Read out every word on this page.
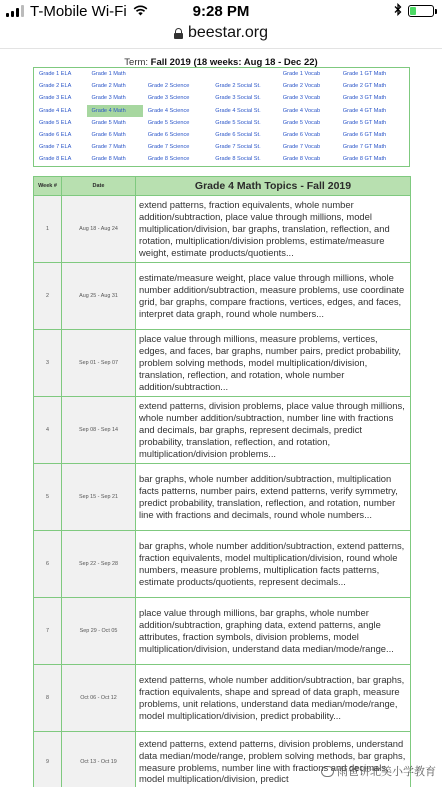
T-Mobile Wi-Fi	9:28 PM
beestar.org
Term: Fall 2019 (18 weeks: Aug 18 - Dec 22)
Grade 1 ELA	Grade 1 Math			Grade 1 Vocab	Grade 1 GT Math
Grade 2 ELA	Grade 2 Math	Grade 2 Science	Grade 2 Social St.	Grade 2 Vocab	Grade 2 GT Math
Grade 3 ELA	Grade 3 Math	Grade 3 Science	Grade 3 Social St.	Grade 3 Vocab	Grade 3 GT Math
Grade 4 ELA	Grade 4 Math	Grade 4 Science	Grade 4 Social St.	Grade 4 Vocab	Grade 4 GT Math
Grade 5 ELA	Grade 5 Math	Grade 5 Science	Grade 5 Social St.	Grade 5 Vocab	Grade 5 GT Math
Grade 6 ELA	Grade 6 Math	Grade 6 Science	Grade 6 Social St.	Grade 6 Vocab	Grade 6 GT Math
Grade 7 ELA	Grade 7 Math	Grade 7 Science	Grade 7 Social St.	Grade 7 Vocab	Grade 7 GT Math
Grade 8 ELA	Grade 8 Math	Grade 8 Science	Grade 8 Social St.	Grade 8 Vocab	Grade 8 GT Math
Week #	Date	Grade 4 Math Topics - Fall 2019
1	Aug 18 - Aug 24	extend patterns, fraction equivalents, whole number addition/subtraction, place value through millions, model multiplication/division, bar graphs, translation, reflection, and rotation, multiplication/division problems, estimate/measure weight, estimate products/quotients...

2	Aug 25 - Aug 31	estimate/measure weight, place value through millions, whole number addition/subtraction, measure problems, use coordinate grid, bar graphs, compare fractions, vertices, edges, and faces, interpret data graph, round whole numbers...

3	Sep 01 - Sep 07	place value through millions, measure problems, vertices, edges, and faces, bar graphs, number pairs, predict probability, problem solving methods, model multiplication/division, translation, reflection, and rotation, whole number addition/subtraction...

4	Sep 08 - Sep 14	extend patterns, division problems, place value through millions, whole number addition/subtraction, number line with fractions and decimals, bar graphs, represent decimals, predict probability, translation, reflection, and rotation, multiplication/division problems...

5	Sep 15 - Sep 21	bar graphs, whole number addition/subtraction, multiplication facts patterns, number pairs, extend patterns, verify symmetry, predict probability, translation, reflection, and rotation, number line with fractions and decimals, round whole numbers...

6	Sep 22 - Sep 28	bar graphs, whole number addition/subtraction, extend patterns, fraction equivalents, model multiplication/division, round whole numbers, measure problems, multiplication facts patterns, estimate products/quotients, represent decimals...

7	Sep 29 - Oct 05	place value through millions, bar graphs, whole number addition/subtraction, graphing data, extend patterns, angle attributes, fraction symbols, division problems, model multiplication/division, understand data median/mode/range...

8	Oct 06 - Oct 12	extend patterns, whole number addition/subtraction, bar graphs, fraction equivalents, shape and spread of data graph, measure problems, unit relations, understand data median/mode/range, model multiplication/division, predict probability...

9	Oct 13 - Oct 19	extend patterns, extend patterns, division problems, understand data median/mode/range, problem solving methods, bar graphs, measure problems, number line with fractions and decimals, model multiplication/division, predict
雨爸讲北美小学教育
